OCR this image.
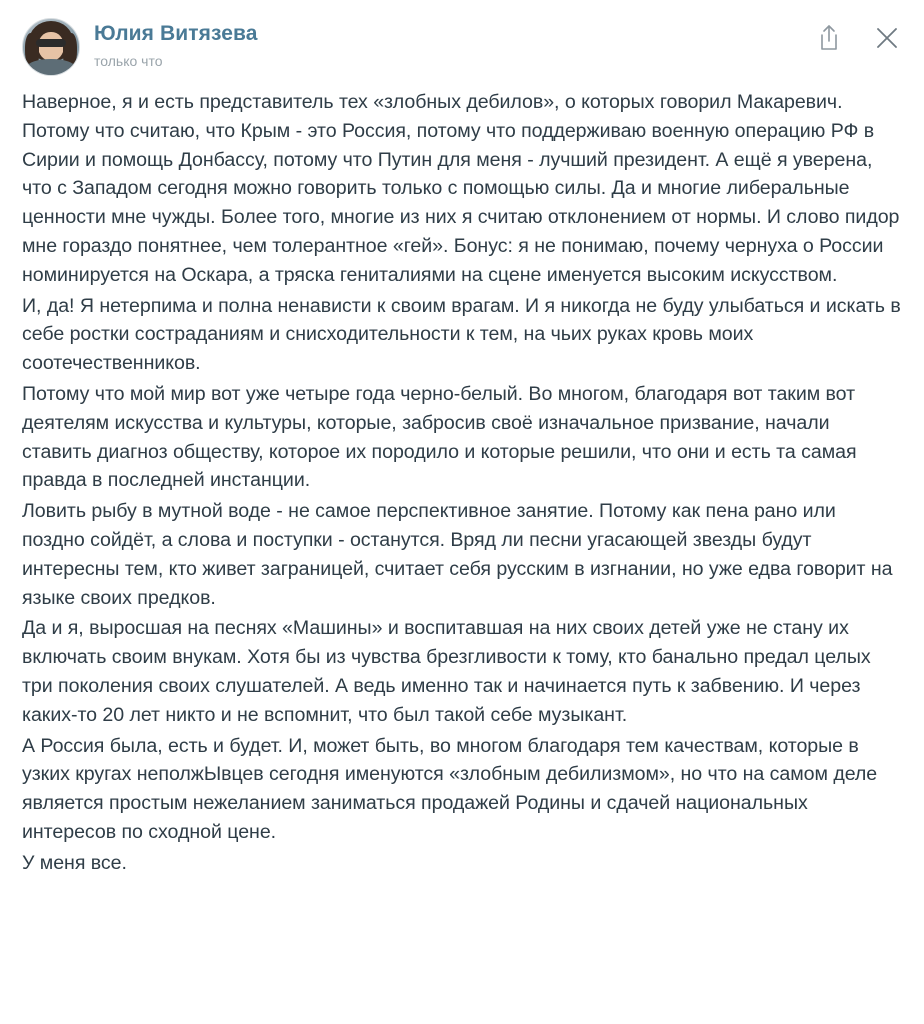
Юлия Витязева
только что

Наверное, я и есть представитель тех «злобных дебилов», о которых говорил Макаревич. Потому что считаю, что Крым - это Россия, потому что поддерживаю военную операцию РФ в Сирии и помощь Донбассу, потому что Путин для меня - лучший президент. А ещё я уверена, что с Западом сегодня можно говорить только с помощью силы. Да и многие либеральные ценности мне чужды. Более того, многие из них я считаю отклонением от нормы. И слово пидор мне гораздо понятнее, чем толерантное «гей». Бонус: я не понимаю, почему чернуха о России номинируется на Оскара, а тряска гениталиями на сцене именуется высоким искусством.

И, да! Я нетерпима и полна ненависти к своим врагам. И я никогда не буду улыбаться и искать в себе ростки состраданиям и снисходительности к тем, на чьих руках кровь моих соотечественников.

Потому что мой мир вот уже четыре года черно-белый. Во многом, благодаря вот таким вот деятелям искусства и культуры, которые, забросив своё изначальное призвание, начали ставить диагноз обществу, которое их породило и которые решили, что они и есть та самая правда в последней инстанции.

Ловить рыбу в мутной воде - не самое перспективное занятие. Потому как пена рано или поздно сойдёт, а слова и поступки - останутся. Вряд ли песни угасающей звезды будут интересны тем, кто живет заграницей, считает себя русским в изгнании, но уже едва говорит на языке своих предков.

Да и я, выросшая на песнях «Машины» и воспитавшая на них своих детей уже не стану их включать своим внукам. Хотя бы из чувства брезгливости к тому, кто банально предал целых три поколения своих слушателей. А ведь именно так и начинается путь к забвению. И через каких-то 20 лет никто и не вспомнит, что был такой себе музыкант.

А Россия была, есть и будет. И, может быть, во многом благодаря тем качествам, которые в узких кругах неполжЫвцев сегодня именуются «злобным дебилизмом», но что на самом деле является простым нежеланием заниматься продажей Родины и сдачей национальных интересов по сходной цене.

У меня все.
